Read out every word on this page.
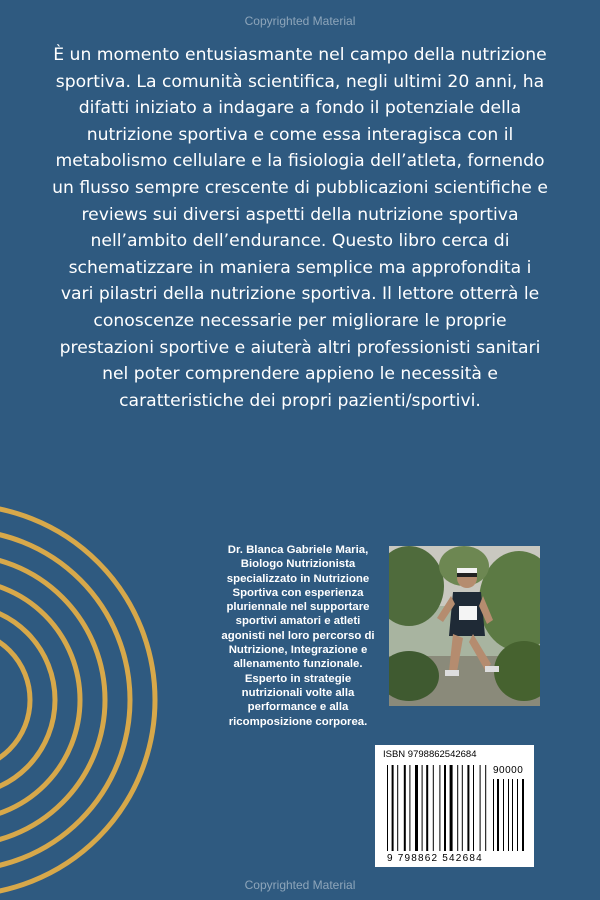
Copyrighted Material
È un momento entusiasmante nel campo della nutrizione sportiva. La comunità scientifica, negli ultimi 20 anni, ha difatti iniziato a indagare a fondo il potenziale della nutrizione sportiva e come essa interagisca con il metabolismo cellulare e la fisiologia dell’atleta, fornendo un flusso sempre crescente di pubblicazioni scientifiche e reviews sui diversi aspetti della nutrizione sportiva nell’ambito dell’endurance. Questo libro cerca di schematizzare in maniera semplice ma approfondita i vari pilastri della nutrizione sportiva. Il lettore otterrà le conoscenze necessarie per migliorare le proprie prestazioni sportive e aiuterà altri professionisti sanitari nel poter comprendere appieno le necessità e caratteristiche dei propri pazienti/sportivi.
Dr. Blanca Gabriele Maria, Biologo Nutrizionista specializzato in Nutrizione Sportiva con esperienza pluriennale nel supportare sportivi amatori e atleti agonisti nel loro percorso di Nutrizione, Integrazione e allenamento funzionale. Esperto in strategie nutrizionali volte alla performance e alla ricomposizione corporea.
ISBN 9798862542684
90000
9 798862 542684
Copyrighted Material
